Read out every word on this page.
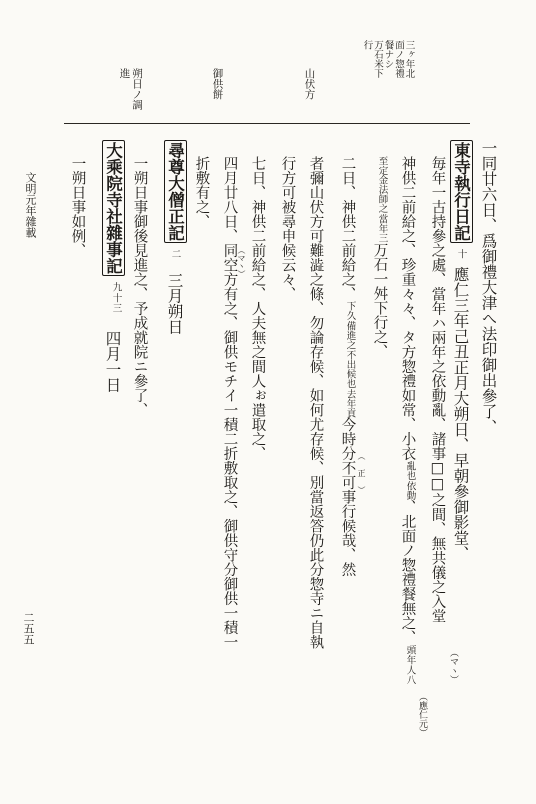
文明元年雜載
二五五
三ヶ年北
面ノ惣禮
餐ナシ
万石米下
行
山伏方
御供餅
朔日ノ調
進
一同廿六日、爲御禮大津へ法印御出參了、
東寺執行日記十應仁三年己丑正月大朔日、早朝參御影堂、
毎年一古持參之處、當年ハ兩年之依動亂、諸事□□之間、無共儀之入堂
（マヽ）
（應仁元）
神供二前給之、珍重々々、タ方惣禮如常、小衣
依動
亂也
、北面ノ惣禮餐無之、
年
頭
八
人
至定
當年三
金法師之
万石一舛下行之、
二日、神供二前給之、
備進之
下久
去年貢
不出候也
今時分不可事行候哉、然 （ 正 ）
者彌山伏方可難澁之條、勿論存候、如何尤存候、別當返答仍此分惣寺ニ自執
行方可被尋申候云々、
七日、神供二前給之、人夫無之間人ぉ遣取之、
四月廿八日、同空方有之、御供モチイ一積二折敷取之、御供守分御供一積一 （マヽ）
折敷有之、
尋尊大僧正記二三月朔日
一朔日事御後見進之、予成就院ニ參了、
大乘院寺社雜事記
三
十
九
四月一日
一朔日事如例、
